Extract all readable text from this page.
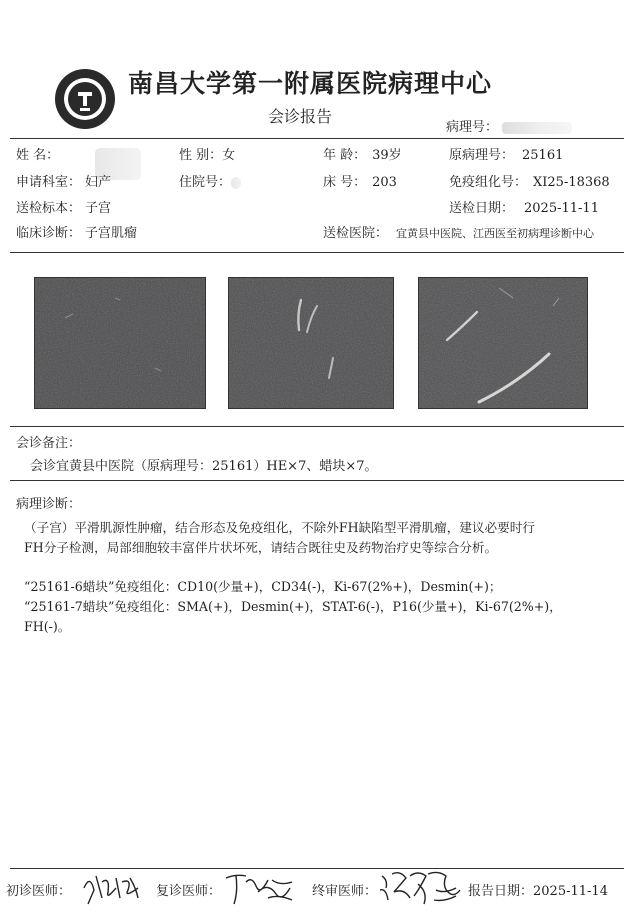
南昌大学第一附属医院病理中心
会诊报告
病理号：
姓 名：	性 别：女	年 龄： 39岁	原病理号： 25161
申请科室： 妇产	住院号：	床 号： 203	免疫组化号： XI25-18368
送检标本： 子宫	送检日期： 2025-11-11
临床诊断： 子宫肌瘤	送检医院： 宜黄县中医院、江西医至初病理诊断中心
会诊备注：
会诊宜黄县中医院（原病理号：25161）HE×7、蜡块×7。
病理诊断：
（子宫）平滑肌源性肿瘤，结合形态及免疫组化，不除外FH缺陷型平滑肌瘤，建议必要时行
FH分子检测，局部细胞较丰富伴片状坏死，请结合既往史及药物治疗史等综合分析。
“25161-6蜡块”免疫组化：CD10(少量+)，CD34(-)，Ki-67(2%+)，Desmin(+)；
“25161-7蜡块”免疫组化：SMA(+)，Desmin(+)，STAT-6(-)，P16(少量+)，Ki-67(2%+)，
FH(-)。
初诊医师：	复诊医师：	终审医师：	报告日期：2025-11-14
